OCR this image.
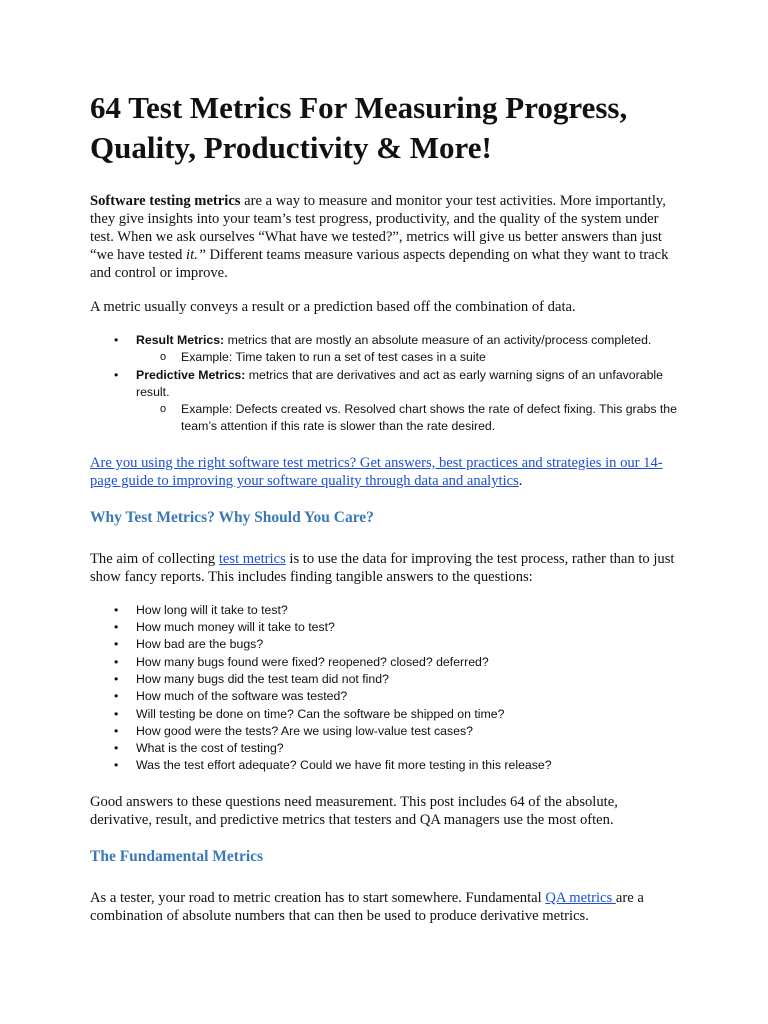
64 Test Metrics For Measuring Progress, Quality, Productivity & More!

Software testing metrics are a way to measure and monitor your test activities. More importantly, they give insights into your team’s test progress, productivity, and the quality of the system under test. When we ask ourselves “What have we tested?”, metrics will give us better answers than just “we have tested it.” Different teams measure various aspects depending on what they want to track and control or improve.

A metric usually conveys a result or a prediction based off the combination of data.

• Result Metrics: metrics that are mostly an absolute measure of an activity/process completed.
o Example: Time taken to run a set of test cases in a suite
• Predictive Metrics: metrics that are derivatives and act as early warning signs of an unfavorable result.
o Example: Defects created vs. Resolved chart shows the rate of defect fixing. This grabs the team’s attention if this rate is slower than the rate desired.

Are you using the right software test metrics? Get answers, best practices and strategies in our 14-page guide to improving your software quality through data and analytics.

Why Test Metrics? Why Should You Care?

The aim of collecting test metrics is to use the data for improving the test process, rather than to just show fancy reports. This includes finding tangible answers to the questions:

• How long will it take to test?
• How much money will it take to test?
• How bad are the bugs?
• How many bugs found were fixed? reopened? closed? deferred?
• How many bugs did the test team did not find?
• How much of the software was tested?
• Will testing be done on time? Can the software be shipped on time?
• How good were the tests? Are we using low-value test cases?
• What is the cost of testing?
• Was the test effort adequate? Could we have fit more testing in this release?

Good answers to these questions need measurement. This post includes 64 of the absolute, derivative, result, and predictive metrics that testers and QA managers use the most often.

The Fundamental Metrics

As a tester, your road to metric creation has to start somewhere. Fundamental QA metrics are a combination of absolute numbers that can then be used to produce derivative metrics.
